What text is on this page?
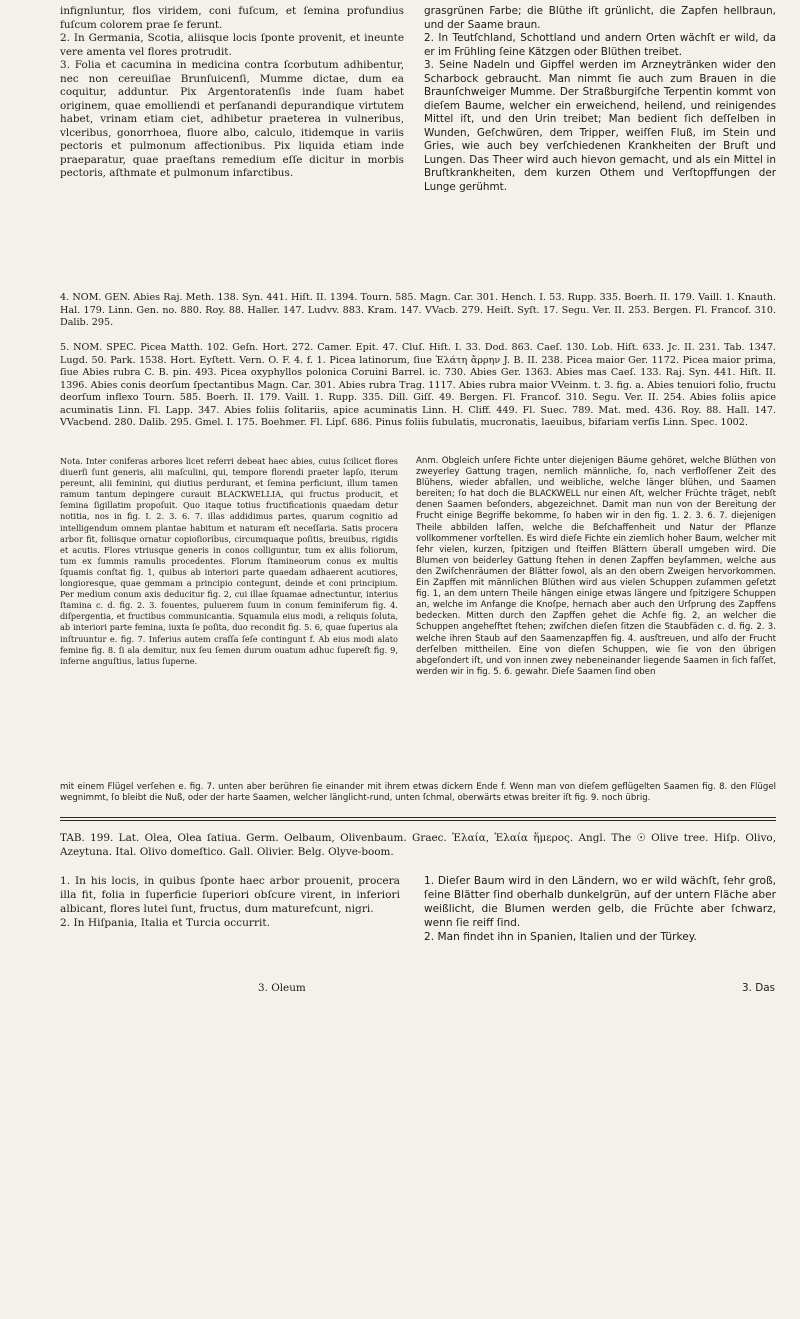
infignluntur, flos viridem, coni fuſcum, et ſemina profundius fuſcum colorem prae ſe ferunt.
2. In Germania, Scotia, aliisque locis ſponte provenit, et ineunte vere amenta vel flores protrudit.
3. Folia et cacumina in medicina contra ſcorbutum adhibentur, nec non cereuiſiae Brunſuicenſi, Mumme dictae, dum ea coquitur, adduntur. Pix Argentoratenſis inde ſuam habet originem, quae emolliendi et perſanandi depurandique virtutem habet, vrinam etiam ciet, adhibetur praeterea in vulneribus, vlceribus, gonorrhoea, fluore albo, calculo, itidemque in variis pectoris et pulmonum affectionibus. Pix liquida etiam inde praeparatur, quae praeſtans remedium eſſe dicitur in morbis pectoris, aſthmate et pulmonum infarctibus.

grasgrünen Farbe; die Blüthe iſt grünlicht, die Zapfen hellbraun, und der Saame braun.
2. In Teutſchland, Schottland und andern Orten wächſt er wild, da er im Frühling ſeine Kätzgen oder Blüthen treibet.
3. Seine Nadeln und Gipffel werden im Arzneytränken wider den Scharbock gebraucht. Man nimmt ſie auch zum Brauen in die Braunſchweiger Mumme. Der Straßburgiſche Terpentin kommt von dieſem Baume, welcher ein erweichend, heilend, und reinigendes Mittel iſt, und den Urin treibet; Man bedient ſich deſſelben in Wunden, Geſchwüren, dem Tripper, weiſſen Fluß, im Stein und Gries, wie auch bey verſchiedenen Krankheiten der Bruſt und Lungen. Das Theer wird auch hievon gemacht, und als ein Mittel in Bruſtkrankheiten, dem kurzen Othem und Verſtopffungen der Lunge gerühmt.

4. NOM. GEN. Abies Raj. Meth. 138. Syn. 441. Hiſt. II. 1394. Tourn. 585. Magn. Car. 301. Hench. I. 53. Rupp. 335. Boerh. II. 179. Vaill. 1. Knauth. Hal. 179. Linn. Gen. no. 880. Roy. 88. Haller. 147. Ludvv. 883. Kram. 147. VVacb. 279. Heiſt. Syſt. 17. Segu. Ver. II. 253. Bergen. Fl. Francof. 310. Dalib. 295.

5. NOM. SPEC. Picea Matth. 102. Geſn. Hort. 272. Camer. Epit. 47. Cluſ. Hiſt. I. 33. Dod. 863. Caeſ. 130. Lob. Hiſt. 633. Jc. II. 231. Tab. 1347. Lugd. 50. Park. 1538. Hort. Eyſtett. Vern. O. F. 4. f. 1. Picea latinorum, ſiue Ἐλάτη ἄρρην J. B. II. 238. Picea maior Ger. 1172. Picea maior prima, ſiue Abies rubra C. B. pin. 493. Picea oxyphyllos polonica Coruini Barrel. ic. 730. Abies Ger. 1363. Abies mas Caeſ. 133. Raj. Syn. 441. Hiſt. II. 1396. Abies conis deorſum ſpectantibus Magn. Car. 301. Abies rubra Trag. 1117. Abies rubra maior VVeinm. t. 3. fig. a. Abies tenuiori folio, fructu deorſum inflexo Tourn. 585. Boerh. II. 179. Vaill. 1. Rupp. 335. Dill. Giſſ. 49. Bergen. Fl. Francof. 310. Segu. Ver. II. 254. Abies foliis apice acuminatis Linn. Fl. Lapp. 347. Abies foliis ſolitariis, apice acuminatis Linn. H. Cliff. 449. Fl. Suec. 789. Mat. med. 436. Roy. 88. Hall. 147. VVacbend. 280. Dalib. 295. Gmel. I. 175. Boehmer. Fl. Lipſ. 686. Pinus foliis ſubulatis, mucronatis, laeuibus, bifariam verſis Linn. Spec. 1002.

Nota. Inter coniferas arbores licet referri debeat haec abies, cuius ſcilicet flores diuerſi ſunt generis, alii maſculini, qui, tempore florendi praeter lapſo, iterum pereunt, alii feminini, qui diutius perdurant, et ſemina perficiunt, illum tamen ramum tantum depingere curauit BLACKWELLIA, qui fructus producit, et ſemina ſigillatim propoſuit. Quo itaque totius fructificationis quaedam detur notitia, nos in fig. I. 2. 3. 6. 7. illas addidimus partes, quarum cognitio ad intelligendum omnem plantae habitum et naturam eſt neceſſaria. Satis procera arbor fit, foliisque ornatur copioſioribus, circumquaque poſitis, breuibus, rigidis et acutis. Flores vtriusque generis in conos colliguntur, tum ex aliis foliorum, tum ex ſummis ramulis procedentes. Florum ſtamineorum conus ex multis ſquamis conſtat fig. 1, quibus ab interiori parte quaedam adhaerent acutiores, longioresque, quae gemmam a principio contegunt, deinde et coni principium. Per medium conum axis deducitur fig. 2, cui illae ſquamae adnectuntur, interius ſtamina c. d. fig. 2. 3. fouentes, puluerem ſuum in conum feminiferum fig. 4. diſpergentia, et fructibus communicantia. Squamula eius modi, a reliquis ſoluta, ab interiori parte femina, iuxta ſe poſita, duo recondit fig. 5. 6, quae ſuperius ala inſtruuntur e. fig. 7. Inferius autem craſſa ſeſe contingunt f. Ab eius modi alato femine fig. 8. ſi ala demitur, nux ſeu ſemen durum ouatum adhuc ſupereſt fig. 9, inferne anguſtius, latius ſuperne.

Anm. Obgleich unſere Fichte unter diejenigen Bäume gehöret, welche Blüthen von zweyerley Gattung tragen, nemlich männliche, ſo, nach verfloſſener Zeit des Blühens, wieder abfallen, und weibliche, welche länger blühen, und Saamen bereiten; ſo hat doch die BLACKWELL nur einen Aſt, welcher Früchte träget, nebſt denen Saamen beſonders, abgezeichnet. Damit man nun von der Bereitung der Frucht einige Begriffe bekomme, ſo haben wir in den fig. 1. 2. 3. 6. 7. diejenigen Theile abbilden laſſen, welche die Beſchaffenheit und Natur der Pflanze vollkommener vorſtellen. Es wird dieſe Fichte ein ziemlich hoher Baum, welcher mit ſehr vielen, kurzen, ſpitzigen und ſteiffen Blättern überall umgeben wird. Die Blumen von beiderley Gattung ſtehen in denen Zapffen beyſammen, welche aus den Zwiſchenräumen der Blätter ſowol, als an den obern Zweigen hervorkommen. Ein Zapffen mit männlichen Blüthen wird aus vielen Schuppen zuſammen geſetzt fig. 1, an dem untern Theile hängen einige etwas längere und ſpitzigere Schuppen an, welche im Anfange die Knoſpe, hernach aber auch den Urſprung des Zapffens bedecken. Mitten durch den Zapffen gehet die Achſe fig. 2, an welcher die Schuppen angeheſftet ſtehen; zwiſchen dieſen ſitzen die Staubfäden c. d. fig. 2. 3. welche ihren Staub auf den Saamenzapffen fig. 4. ausſtreuen, und alſo der Frucht derſelben mittheilen. Eine von dieſen Schuppen, wie ſie von den übrigen abgeſondert iſt, und von innen zwey nebeneinander liegende Saamen in ſich faſſet, werden wir in fig. 5. 6. gewahr. Dieſe Saamen ſind oben

mit einem Flügel verſehen e. fig. 7. unten aber berühren ſie einander mit ihrem etwas dickern Ende f. Wenn man von dieſem geflügelten Saamen fig. 8. den Flügel wegnimmt, ſo bleibt die Nuß, oder der harte Saamen, welcher länglicht-rund, unten ſchmal, oberwärts etwas breiter iſt fig. 9. noch übrig.

TAB. 199. Lat. Olea, Olea ſatiua. Germ. Oelbaum, Olivenbaum. Graec. Ἐλαία, Ἐλαία ἥμερος. Angl. The ☉ Olive tree. Hiſp. Olivo, Azeytuna. Ital. Olivo domeſtico. Gall. Olivier. Belg. Olyve-boom.

1. In his locis, in quibus ſponte haec arbor prouenit, procera illa fit, folia in ſuperficie ſuperiori obſcure virent, in inferiori albicant, flores lutei ſunt, fructus, dum maturefcunt, nigri.
2. In Hiſpania, Italia et Turcia occurrit.

1. Dieſer Baum wird in den Ländern, wo er wild wächſt, ſehr groß, ſeine Blätter ſind oberhalb dunkelgrün, auf der untern Fläche aber weißlicht, die Blumen werden gelb, die Früchte aber ſchwarz, wenn ſie reiff ſind.
2. Man findet ihn in Spanien, Italien und der Türkey.

3. Oleum	3. Das
